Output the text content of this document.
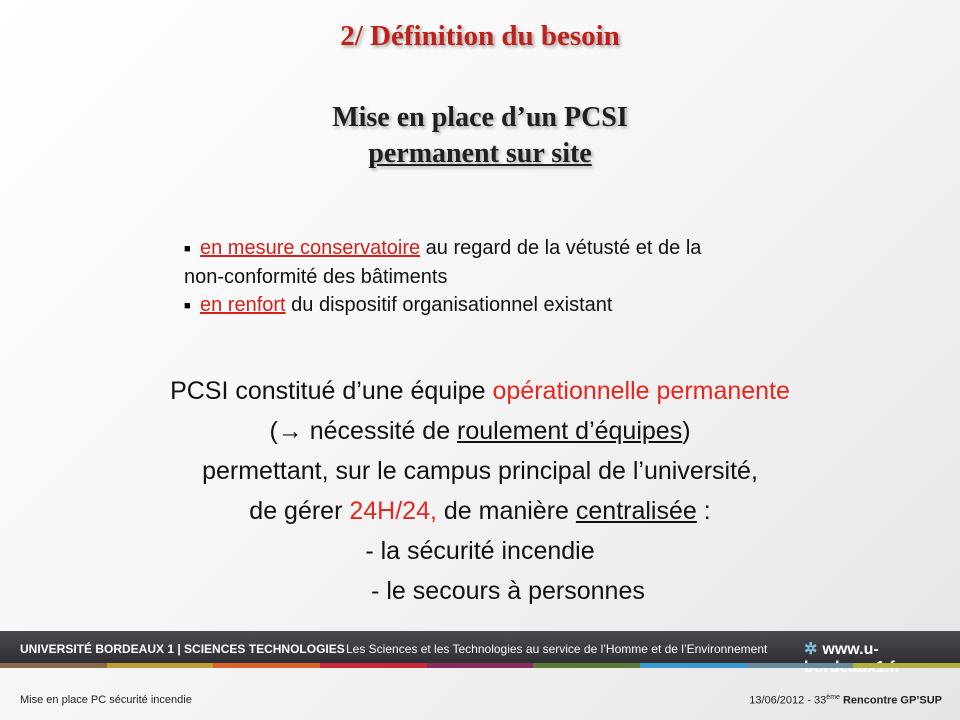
2/ Définition du besoin
Mise en place d’un PCSI
permanent sur site
■ en mesure conservatoire au regard de la vétusté et de la
non-conformité des bâtiments
■ en renfort du dispositif organisationnel existant
PCSI constitué d’une équipe opérationnelle permanente
(→ nécessité de roulement d’équipes)
permettant, sur le campus principal de l’université,
de gérer 24H/24, de manière centralisée :
- la sécurité incendie
- le secours à personnes
UNIVERSITÉ BORDEAUX 1 | SCIENCES TECHNOLOGIES Les Sciences et les Technologies au service de l’Homme et de l’Environnement ✲ www.u-
Mise en place PC sécurité incendie	13/06/2012 - 33ème Rencontre GP’SUP
